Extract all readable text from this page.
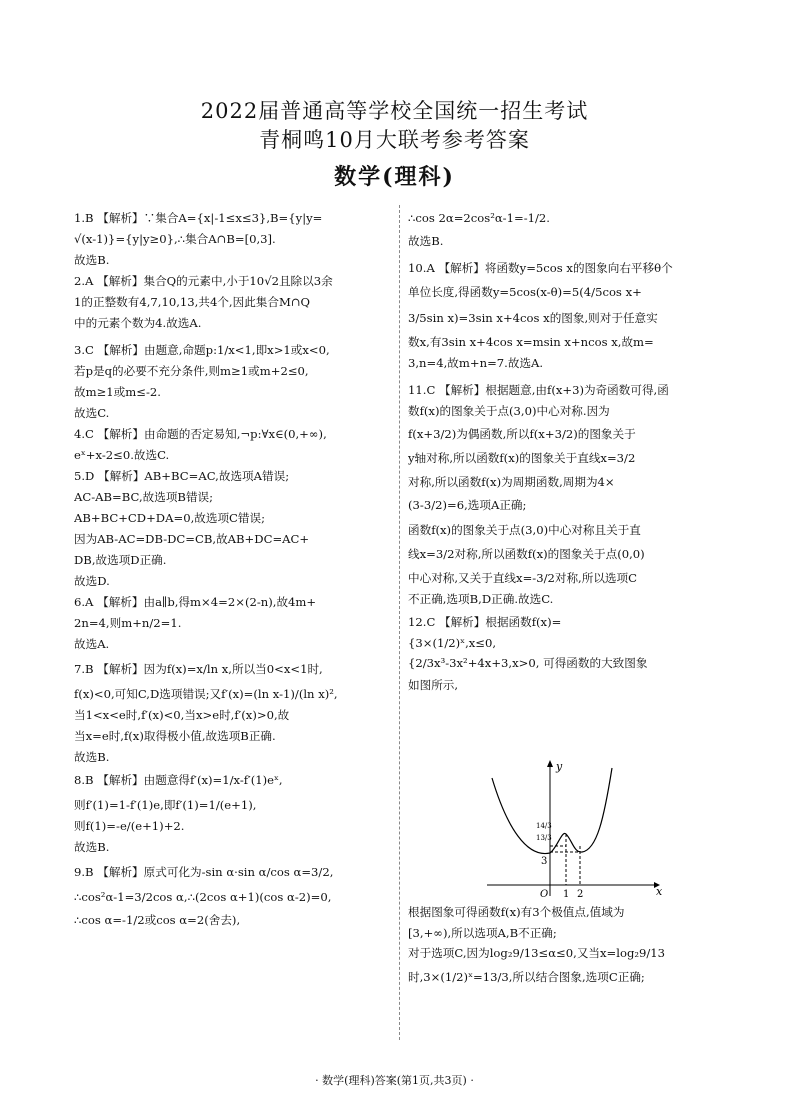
2022届普通高等学校全国统一招生考试
青桐鸣10月大联考参考答案
数学(理科)
1.B 【解析】∵集合A={x|-1≤x≤3},B={y|y=
√(x-1)}={y|y≥0},∴集合A∩B=[0,3].
故选B.
2.A 【解析】集合Q的元素中,小于10√2且除以3余
1的正整数有4,7,10,13,共4个,因此集合M∩Q
中的元素个数为4.故选A.
3.C 【解析】由题意,命题p:1/x<1,即x>1或x<0,
若p是q的必要不充分条件,则m≥1或m+2≤0,
故m≥1或m≤-2.
故选C.
4.C 【解析】由命题的否定易知,¬p:∀x∈(0,+∞),
eˣ+x-2≤0.故选C.
5.D 【解析】AB+BC=AC,故选项A错误;
AC-AB=BC,故选项B错误;
AB+BC+CD+DA=0,故选项C错误;
因为AB-AC=DB-DC=CB,故AB+DC=AC+
DB,故选项D正确.
故选D.
6.A 【解析】由a∥b,得m×4=2×(2-n),故4m+
2n=4,则m+n/2=1.
故选A.
7.B 【解析】因为f(x)=x/ln x,所以当0<x<1时,
f(x)<0,可知C,D选项错误;又f′(x)=(ln x-1)/(ln x)²,
当1<x<e时,f′(x)<0,当x>e时,f′(x)>0,故
当x=e时,f(x)取得极小值,故选项B正确.
故选B.
8.B 【解析】由题意得f′(x)=1/x-f′(1)eˣ,
则f′(1)=1-f′(1)e,即f′(1)=1/(e+1),
则f(1)=-e/(e+1)+2.
故选B.
9.B 【解析】原式可化为-sin α·sin α/cos α=3/2,
∴cos²α-1=3/2cos α,∴(2cos α+1)(cos α-2)=0,
∴cos α=-1/2或cos α=2(舍去),
∴cos 2α=2cos²α-1=-1/2.
故选B.
10.A 【解析】将函数y=5cos x的图象向右平移θ个
单位长度,得函数y=5cos(x-θ)=5(4/5cos x+
3/5sin x)=3sin x+4cos x的图象,则对于任意实
数x,有3sin x+4cos x=msin x+ncos x,故m=
3,n=4,故m+n=7.故选A.
11.C 【解析】根据题意,由f(x+3)为奇函数可得,函
数f(x)的图象关于点(3,0)中心对称.因为
f(x+3/2)为偶函数,所以f(x+3/2)的图象关于
y轴对称,所以函数f(x)的图象关于直线x=3/2
对称,所以函数f(x)为周期函数,周期为4×
(3-3/2)=6,选项A正确;
函数f(x)的图象关于点(3,0)中心对称且关于直
线x=3/2对称,所以函数f(x)的图象关于点(0,0)
中心对称,又关于直线x=-3/2对称,所以选项C
不正确,选项B,D正确.故选C.
12.C 【解析】根据函数f(x)=
{3×(1/2)ˣ,x≤0,
{2/3x³-3x²+4x+3,x>0, 可得函数的大致图象
如图所示,
根据图象可得函数f(x)有3个极值点,值域为
[3,+∞),所以选项A,B不正确;
对于选项C,因为log₂9/13≤α≤0,又当x=log₂9/13
时,3×(1/2)ˣ=13/3,所以结合图象,选项C正确;
x
y
O 1 2
3
14/3
13/3
· 数学(理科)答案(第1页,共3页) ·
